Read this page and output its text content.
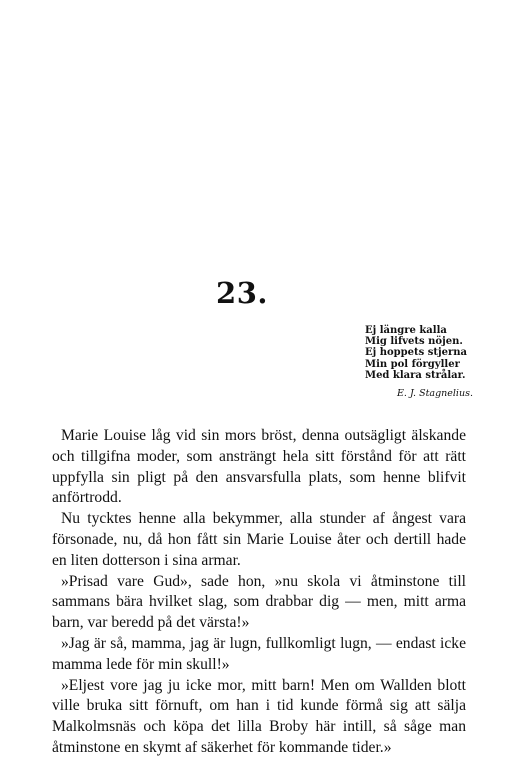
23.
Ej längre kalla
Mig lifvets nöjen.
Ej hoppets stjerna
Min pol förgyller
Med klara strålar.
E. J. Stagnelius.

Marie Louise låg vid sin mors bröst, denna outsägligt älskande och tillgifna moder, som ansträngt hela sitt förstånd för att rätt uppfylla sin pligt på den ansvarsfulla plats, som henne blifvit anförtrodd.

Nu tycktes henne alla bekymmer, alla stunder af ångest vara försonade, nu, då hon fått sin Marie Louise åter och dertill hade en liten dotterson i sina armar.

»Prisad vare Gud», sade hon, »nu skola vi åtminstone till sammans bära hvilket slag, som drabbar dig — men, mitt arma barn, var beredd på det värsta!»

»Jag är så, mamma, jag är lugn, fullkomligt lugn, — endast icke mamma lede för min skull!»

»Eljest vore jag ju icke mor, mitt barn! Men om Wallden blott ville bruka sitt förnuft, om han i tid kunde förmå sig att sälja Malkolmsnäs och köpa det lilla Broby här intill, så såge man åtminstone en skymt af säkerhet för kommande tider.»
